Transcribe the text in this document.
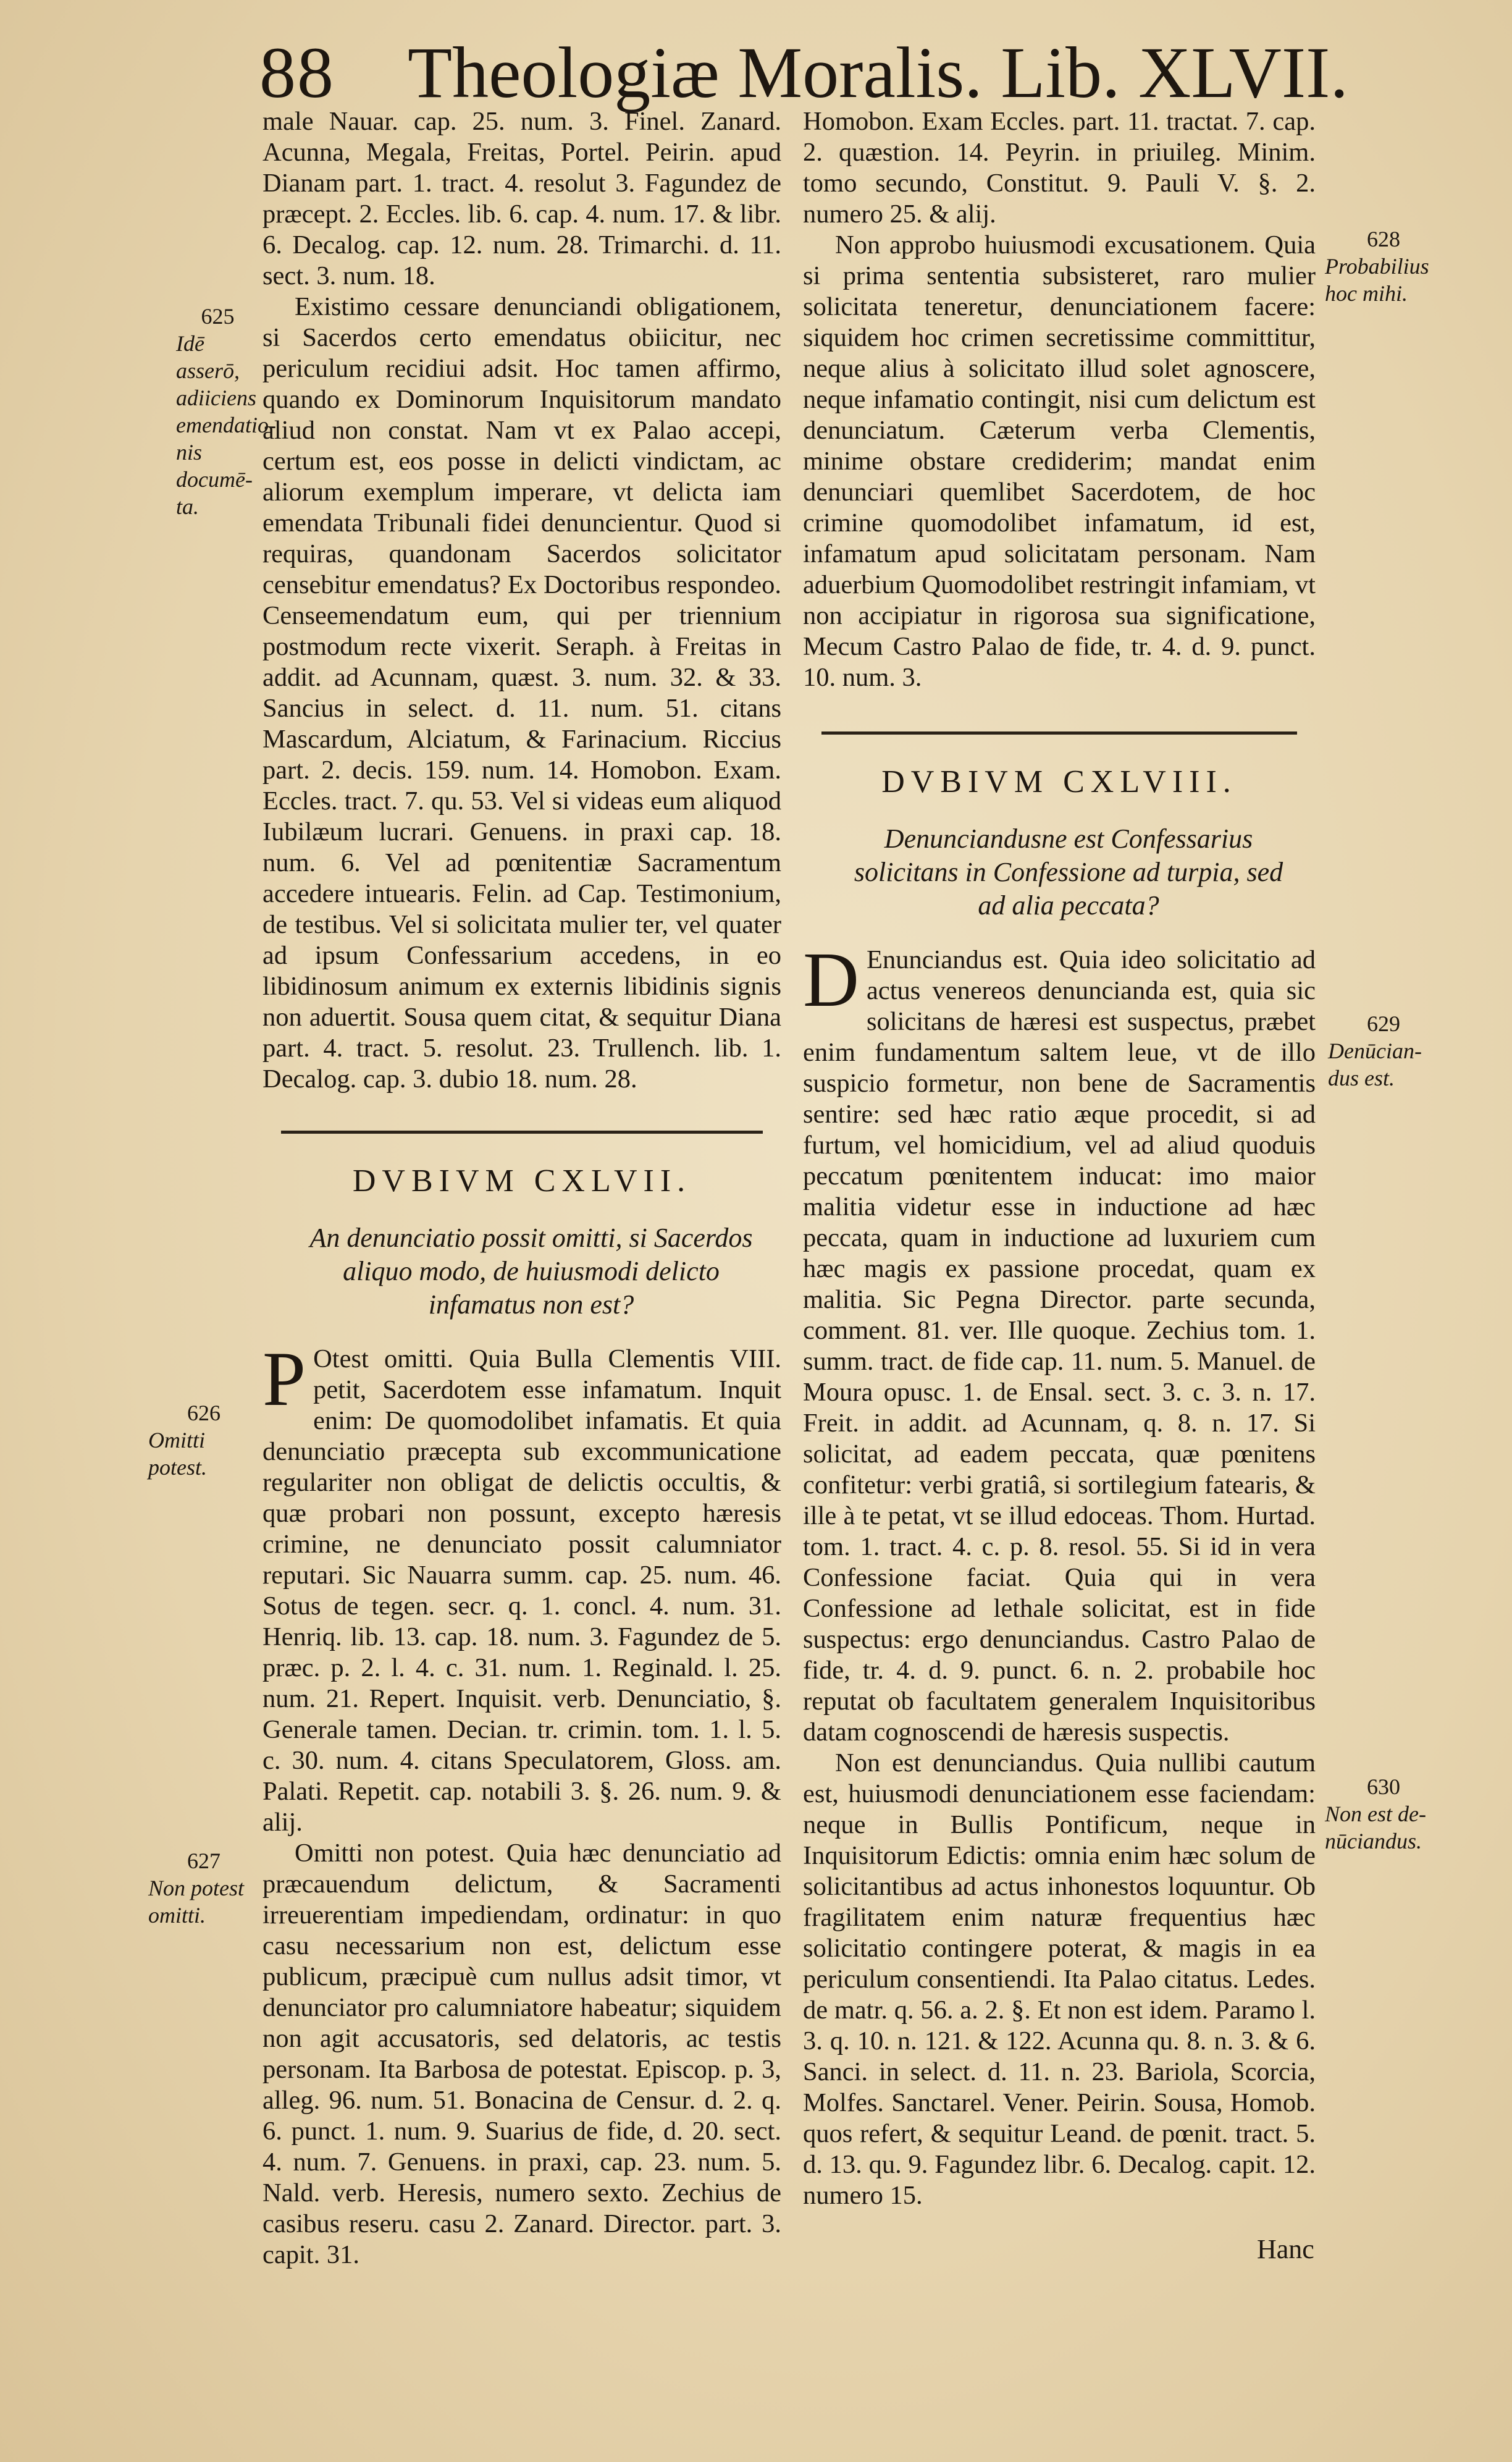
88 Theologiæ Moralis. Lib. XLVII.

male Nauar. cap. 25. num. 3. Finel. Zanard. Acunna, Megala, Freitas, Portel. Peirin. apud Dianam part. 1. tract. 4. resolut 3. Fagundez de præcept. 2. Eccles. lib. 6. cap. 4. num. 17. & libr. 6. Decalog. cap. 12. num. 28. Trimarchi. d. 11. sect. 3. num. 18.

Existimo cessare denunciandi obligationem, si Sacerdos certo emendatus obiicitur, nec periculum recidiui adsit. Hoc tamen affirmo, quando ex Dominorum Inquisitorum mandato aliud non constat. Nam vt ex Palao accepi, certum est, eos posse in delicti vindictam, ac aliorum exemplum imperare, vt delicta iam emendata Tribunali fidei denuncientur. Quod si requiras, quandonam Sacerdos solicitator censebitur emendatus? Ex Doctoribus respondeo. Censeemendatum eum, qui per triennium postmodum recte vixerit. Seraph. à Freitas in addit. ad Acunnam, quæst. 3. num. 32. & 33. Sancius in select. d. 11. num. 51. citans Mascardum, Alciatum, & Farinacium. Riccius part. 2. decis. 159. num. 14. Homobon. Exam. Eccles. tract. 7. qu. 53. Vel si videas eum aliquod Iubilæum lucrari. Genuens. in praxi cap. 18. num. 6. Vel ad pœnitentiæ Sacramentum accedere intuearis. Felin. ad Cap. Testimonium, de testibus. Vel si solicitata mulier ter, vel quater ad ipsum Confessarium accedens, in eo libidinosum animum ex externis libidinis signis non aduertit. Sousa quem citat, & sequitur Diana part. 4. tract. 5. resolut. 23. Trullench. lib. 1. Decalog. cap. 3. dubio 18. num. 28.

DVBIVM CXLVII.
An denunciatio possit omitti, si Sacerdos aliquo modo, de huiusmodi delicto infamatus non est?

P Otest omitti. Quia Bulla Clementis VIII. petit, Sacerdotem esse infamatum. Inquit enim: De quomodolibet infamatis. Et quia denunciatio præcepta sub excommunicatione regulariter non obligat de delictis occultis, & quæ probari non possunt, excepto hæresis crimine, ne denunciato possit calumniator reputari. Sic Nauarra summ. cap. 25. num. 46. Sotus de tegen. secr. q. 1. concl. 4. num. 31. Henriq. lib. 13. cap. 18. num. 3. Fagundez de 5. præc. p. 2. l. 4. c. 31. num. 1. Reginald. l. 25. num. 21. Repert. Inquisit. verb. Denunciatio, §. Generale tamen. Decian. tr. crimin. tom. 1. l. 5. c. 30. num. 4. citans Speculatorem, Gloss. am. Palati. Repetit. cap. notabili 3. §. 26. num. 9. & alij.

Omitti non potest. Quia hæc denunciatio ad præcauendum delictum, & Sacramenti irreuerentiam impediendam, ordinatur: in quo casu necessarium non est, delictum esse publicum, præcipuè cum nullus adsit timor, vt denunciator pro calumniatore habeatur; siquidem non agit accusatoris, sed delatoris, ac testis personam. Ita Barbosa de potestat. Episcop. p. 3, alleg. 96. num. 51. Bonacina de Censur. d. 2. q. 6. punct. 1. num. 9. Suarius de fide, d. 20. sect. 4. num. 7. Genuens. in praxi, cap. 23. num. 5. Nald. verb. Heresis, numero sexto. Zechius de casibus reseru. casu 2. Zanard. Director. part. 3. capit. 31.

Homobon. Exam Eccles. part. 11. tractat. 7. cap. 2. quæstion. 14. Peyrin. in priuileg. Minim. tomo secundo, Constitut. 9. Pauli V. §. 2. numero 25. & alij.

Non approbo huiusmodi excusationem. Quia si prima sententia subsisteret, raro mulier solicitata teneretur, denunciationem facere: siquidem hoc crimen secretissime committitur, neque alius à solicitato illud solet agnoscere, neque infamatio contingit, nisi cum delictum est denunciatum. Cæterum verba Clementis, minime obstare crediderim; mandat enim denunciari quemlibet Sacerdotem, de hoc crimine quomodolibet infamatum, id est, infamatum apud solicitatam personam. Nam aduerbium Quomodolibet restringit infamiam, vt non accipiatur in rigorosa sua significatione, Mecum Castro Palao de fide, tr. 4. d. 9. punct. 10. num. 3.

DVBIVM CXLVIII.
Denunciandusne est Confessarius solicitans in Confessione ad turpia, sed ad alia peccata?

D Enunciandus est. Quia ideo solicitatio ad actus venereos denuncianda est, quia sic solicitans de hæresi est suspectus, præbet enim fundamentum saltem leue, vt de illo suspicio formetur, non bene de Sacramentis sentire: sed hæc ratio æque procedit, si ad furtum, vel homicidium, vel ad aliud quoduis peccatum pœnitentem inducat: imo maior malitia videtur esse in inductione ad hæc peccata, quam in inductione ad luxuriem cum hæc magis ex passione procedat, quam ex malitia. Sic Pegna Director. parte secunda, comment. 81. ver. Ille quoque. Zechius tom. 1. summ. tract. de fide cap. 11. num. 5. Manuel. de Moura opusc. 1. de Ensal. sect. 3. c. 3. n. 17. Freit. in addit. ad Acunnam, q. 8. n. 17. Si solicitat, ad eadem peccata, quæ pœnitens confitetur: verbi gratiâ, si sortilegium fatearis, & ille à te petat, vt se illud edoceas. Thom. Hurtad. tom. 1. tract. 4. c. p. 8. resol. 55. Si id in vera Confessione faciat. Quia qui in vera Confessione ad lethale solicitat, est in fide suspectus: ergo denunciandus. Castro Palao de fide, tr. 4. d. 9. punct. 6. n. 2. probabile hoc reputat ob facultatem generalem Inquisitoribus datam cognoscendi de hæresis suspectis.

Non est denunciandus. Quia nullibi cautum est, huiusmodi denunciationem esse faciendam: neque in Bullis Pontificum, neque in Inquisitorum Edictis: omnia enim hæc solum de solicitantibus ad actus inhonestos loquuntur. Ob fragilitatem enim naturæ frequentius hæc solicitatio contingere poterat, & magis in ea periculum consentiendi. Ita Palao citatus. Ledes. de matr. q. 56. a. 2. §. Et non est idem. Paramo l. 3. q. 10. n. 121. & 122. Acunna qu. 8. n. 3. & 6. Sanci. in select. d. 11. n. 23. Bariola, Scorcia, Molfes. Sanctarel. Vener. Peirin. Sousa, Homob. quos refert, & sequitur Leand. de pœnit. tract. 5. d. 13. qu. 9. Fagundez libr. 6. Decalog. capit. 12. numero 15.

625
Idē asserō, adiiciens emendatio-nis documē-ta.
626
Omitti potest.
627
Non potest omitti.
628
Probabilius hoc mihi.
629
Denūcian-dus est.
630
Non est de-nūciandus.
Hanc
